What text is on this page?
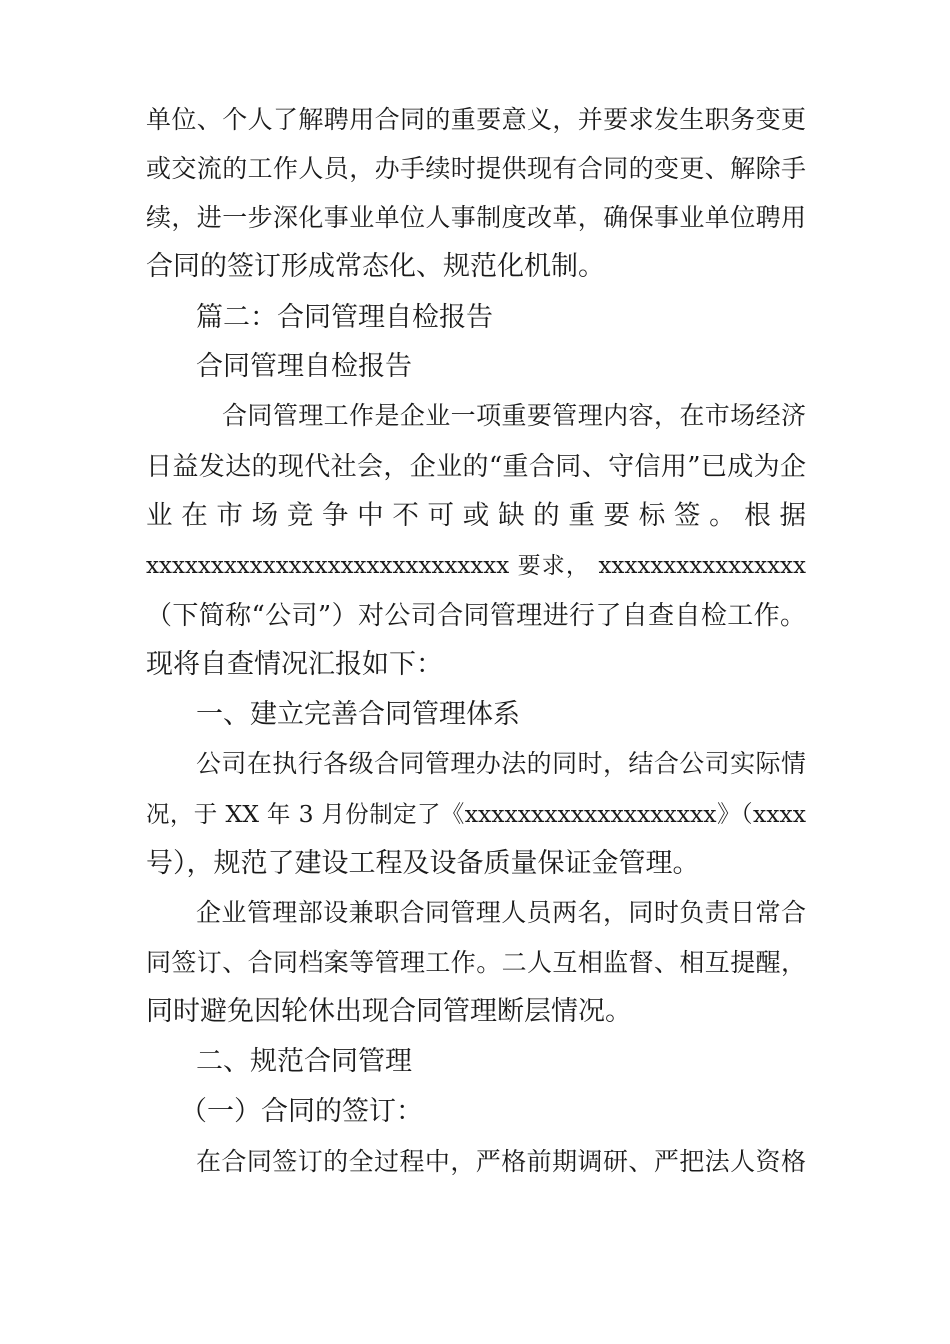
单位、个人了解聘用合同的重要意义，并要求发生职务变更
或交流的工作人员，办手续时提供现有合同的变更、解除手
续，进一步深化事业单位人事制度改革，确保事业单位聘用
合同的签订形成常态化、规范化机制。
篇二：合同管理自检报告
合同管理自检报告
合同管理工作是企业一项重要管理内容，在市场经济
日益发达的现代社会，企业的“重合同、守信用”已成为企
业 在 市 场 竞 争 中 不 可 或 缺 的 重 要 标 签 。 根 据
xxxxxxxxxxxxxxxxxxxxxxxxxxxx 要求， xxxxxxxxxxxxxxxx
（下简称“公司”）对公司合同管理进行了自查自检工作。
现将自查情况汇报如下：
一、建立完善合同管理体系
公司在执行各级合同管理办法的同时，结合公司实际情
况，于 XX 年 3 月份制定了《xxxxxxxxxxxxxxxxxxx》（xxxx
号），规范了建设工程及设备质量保证金管理。
企业管理部设兼职合同管理人员两名，同时负责日常合
同签订、合同档案等管理工作。二人互相监督、相互提醒，
同时避免因轮休出现合同管理断层情况。
二、规范合同管理
（一）合同的签订：
在合同签订的全过程中，严格前期调研、严把法人资格
